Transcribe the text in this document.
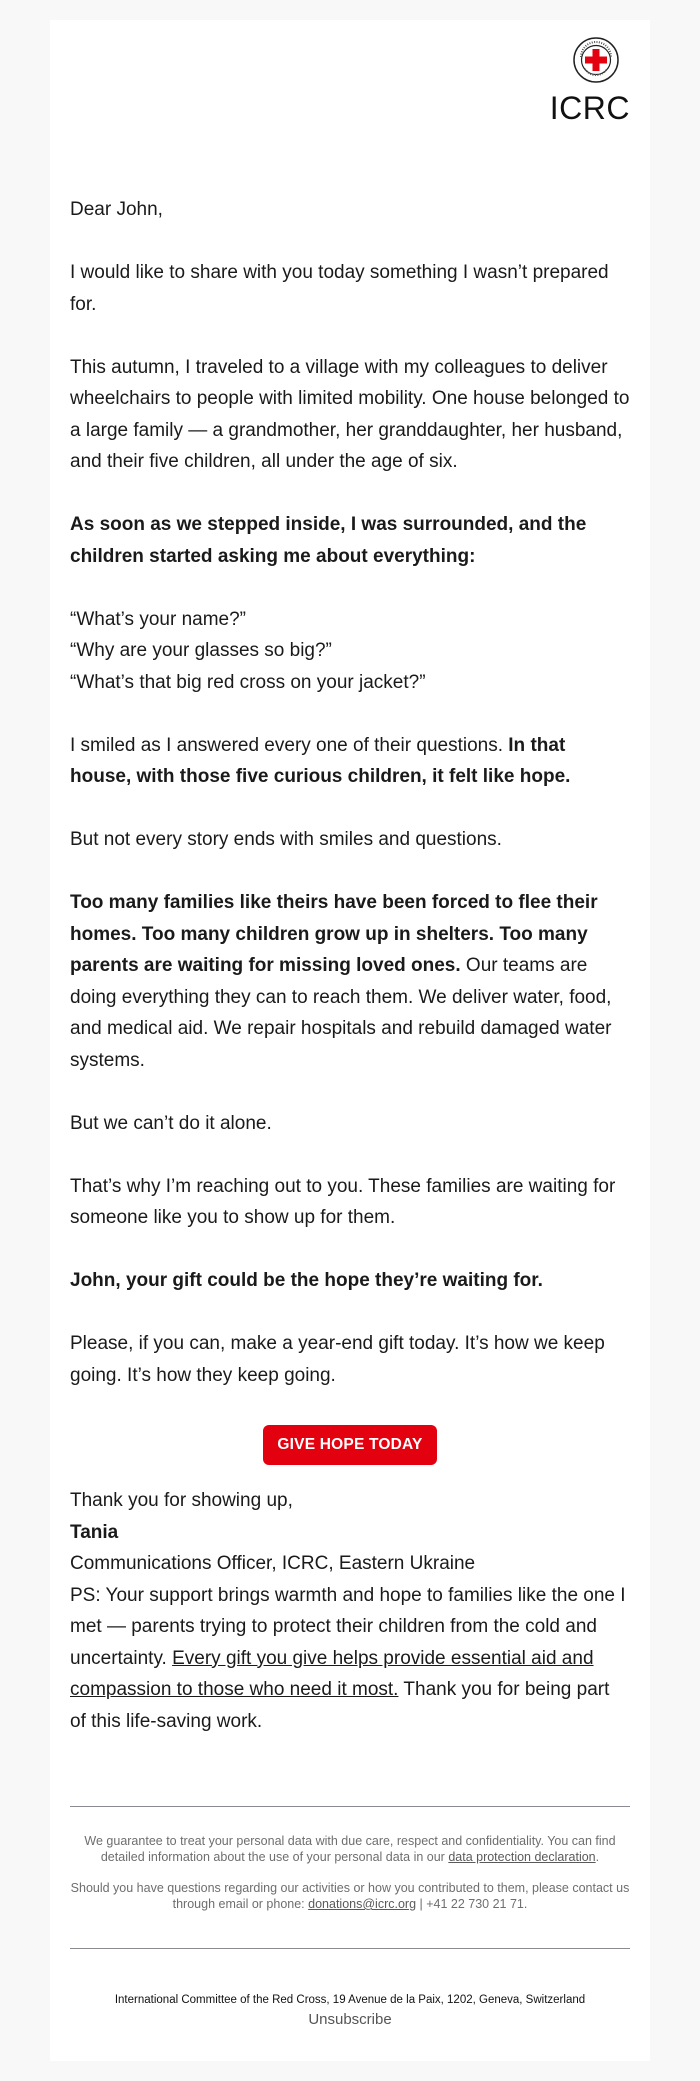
ICRC

Dear John,

I would like to share with you today something I wasn’t prepared for.

This autumn, I traveled to a village with my colleagues to deliver wheelchairs to people with limited mobility. One house belonged to a large family — a grandmother, her granddaughter, her husband, and their five children, all under the age of six.

As soon as we stepped inside, I was surrounded, and the children started asking me about everything:

“What’s your name?”

“Why are your glasses so big?”

“What’s that big red cross on your jacket?”

I smiled as I answered every one of their questions. In that house, with those five curious children, it felt like hope.

But not every story ends with smiles and questions.

Too many families like theirs have been forced to flee their homes. Too many children grow up in shelters. Too many parents are waiting for missing loved ones. Our teams are doing everything they can to reach them. We deliver water, food, and medical aid. We repair hospitals and rebuild damaged water systems.

But we can’t do it alone.

That’s why I’m reaching out to you. These families are waiting for someone like you to show up for them.

John, your gift could be the hope they’re waiting for.

Please, if you can, make a year-end gift today. It’s how we keep going. It’s how they keep going.

GIVE HOPE TODAY

Thank you for showing up,

Tania

Communications Officer, ICRC, Eastern Ukraine

PS: Your support brings warmth and hope to families like the one I met — parents trying to protect their children from the cold and uncertainty. Every gift you give helps provide essential aid and compassion to those who need it most. Thank you for being part of this life-saving work.

We guarantee to treat your personal data with due care, respect and confidentiality. You can find detailed information about the use of your personal data in our data protection declaration.
Should you have questions regarding our activities or how you contributed to them, please contact us through email or phone: donations@icrc.org | +41 22 730 21 71.
International Committee of the Red Cross, 19 Avenue de la Paix, 1202, Geneva, Switzerland
Unsubscribe
